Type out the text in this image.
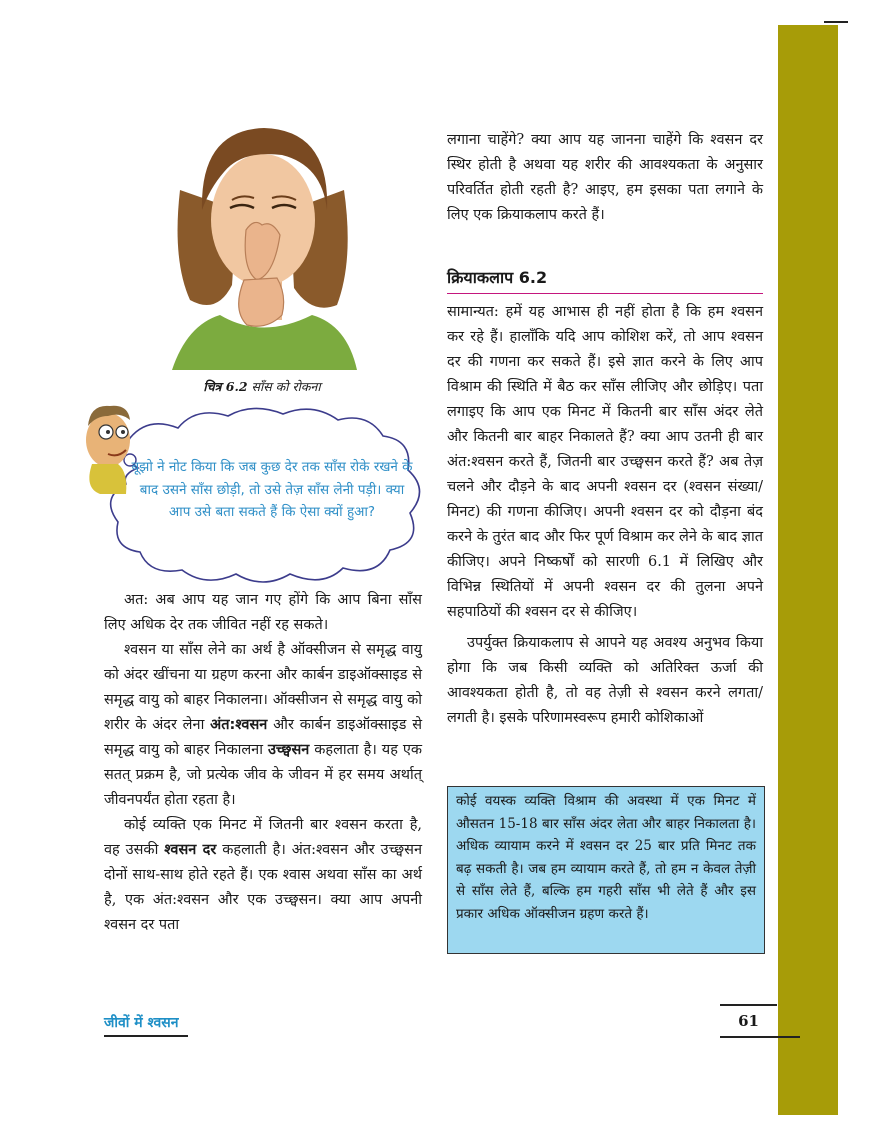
चित्र 6.2 साँस को रोकना
बूझो ने नोट किया कि जब कुछ देर तक साँस रोके रखने के बाद उसने साँस छोड़ी, तो उसे तेज़ साँस लेनी पड़ी। क्या आप उसे बता सकते हैं कि ऐसा क्यों हुआ?

अत: अब आप यह जान गए होंगे कि आप बिना साँस लिए अधिक देर तक जीवित नहीं रह सकते।

श्वसन या साँस लेने का अर्थ है ऑक्सीजन से समृद्ध वायु को अंदर खींचना या ग्रहण करना और कार्बन डाइऑक्साइड से समृद्ध वायु को बाहर निकालना। ऑक्सीजन से समृद्ध वायु को शरीर के अंदर लेना अंत:श्वसन और कार्बन डाइऑक्साइड से समृद्ध वायु को बाहर निकालना उच्छ्वसन कहलाता है। यह एक सतत् प्रक्रम है, जो प्रत्येक जीव के जीवन में हर समय अर्थात् जीवनपर्यंत होता रहता है।

कोई व्यक्ति एक मिनट में जितनी बार श्वसन करता है, वह उसकी श्वसन दर कहलाती है। अंत:श्वसन और उच्छ्वसन दोनों साथ-साथ होते रहते हैं। एक श्वास अथवा साँस का अर्थ है, एक अंत:श्वसन और एक उच्छ्वसन। क्या आप अपनी श्वसन दर पता

लगाना चाहेंगे? क्या आप यह जानना चाहेंगे कि श्वसन दर स्थिर होती है अथवा यह शरीर की आवश्यकता के अनुसार परिवर्तित होती रहती है? आइए, हम इसका पता लगाने के लिए एक क्रियाकलाप करते हैं।

क्रियाकलाप 6.2

सामान्यत: हमें यह आभास ही नहीं होता है कि हम श्वसन कर रहे हैं। हालाँकि यदि आप कोशिश करें, तो आप श्वसन दर की गणना कर सकते हैं। इसे ज्ञात करने के लिए आप विश्राम की स्थिति में बैठ कर साँस लीजिए और छोड़िए। पता लगाइए कि आप एक मिनट में कितनी बार साँस अंदर लेते और कितनी बार बाहर निकालते हैं? क्या आप उतनी ही बार अंत:श्वसन करते हैं, जितनी बार उच्छ्वसन करते हैं? अब तेज़ चलने और दौड़ने के बाद अपनी श्वसन दर (श्वसन संख्या/मिनट) की गणना कीजिए। अपनी श्वसन दर को दौड़ना बंद करने के तुरंत बाद और फिर पूर्ण विश्राम कर लेने के बाद ज्ञात कीजिए। अपने निष्कर्षों को सारणी 6.1 में लिखिए और विभिन्न स्थितियों में अपनी श्वसन दर की तुलना अपने सहपाठियों की श्वसन दर से कीजिए।

उपर्युक्त क्रियाकलाप से आपने यह अवश्य अनुभव किया होगा कि जब किसी व्यक्ति को अतिरिक्त ऊर्जा की आवश्यकता होती है, तो वह तेज़ी से श्वसन करने लगता/लगती है। इसके परिणामस्वरूप हमारी कोशिकाओं

कोई वयस्क व्यक्ति विश्राम की अवस्था में एक मिनट में औसतन 15-18 बार साँस अंदर लेता और बाहर निकालता है। अधिक व्यायाम करने में श्वसन दर 25 बार प्रति मिनट तक बढ़ सकती है। जब हम व्यायाम करते हैं, तो हम न केवल तेज़ी से साँस लेते हैं, बल्कि हम गहरी साँस भी लेते हैं और इस प्रकार अधिक ऑक्सीजन ग्रहण करते हैं।
जीवों में श्वसन	61
